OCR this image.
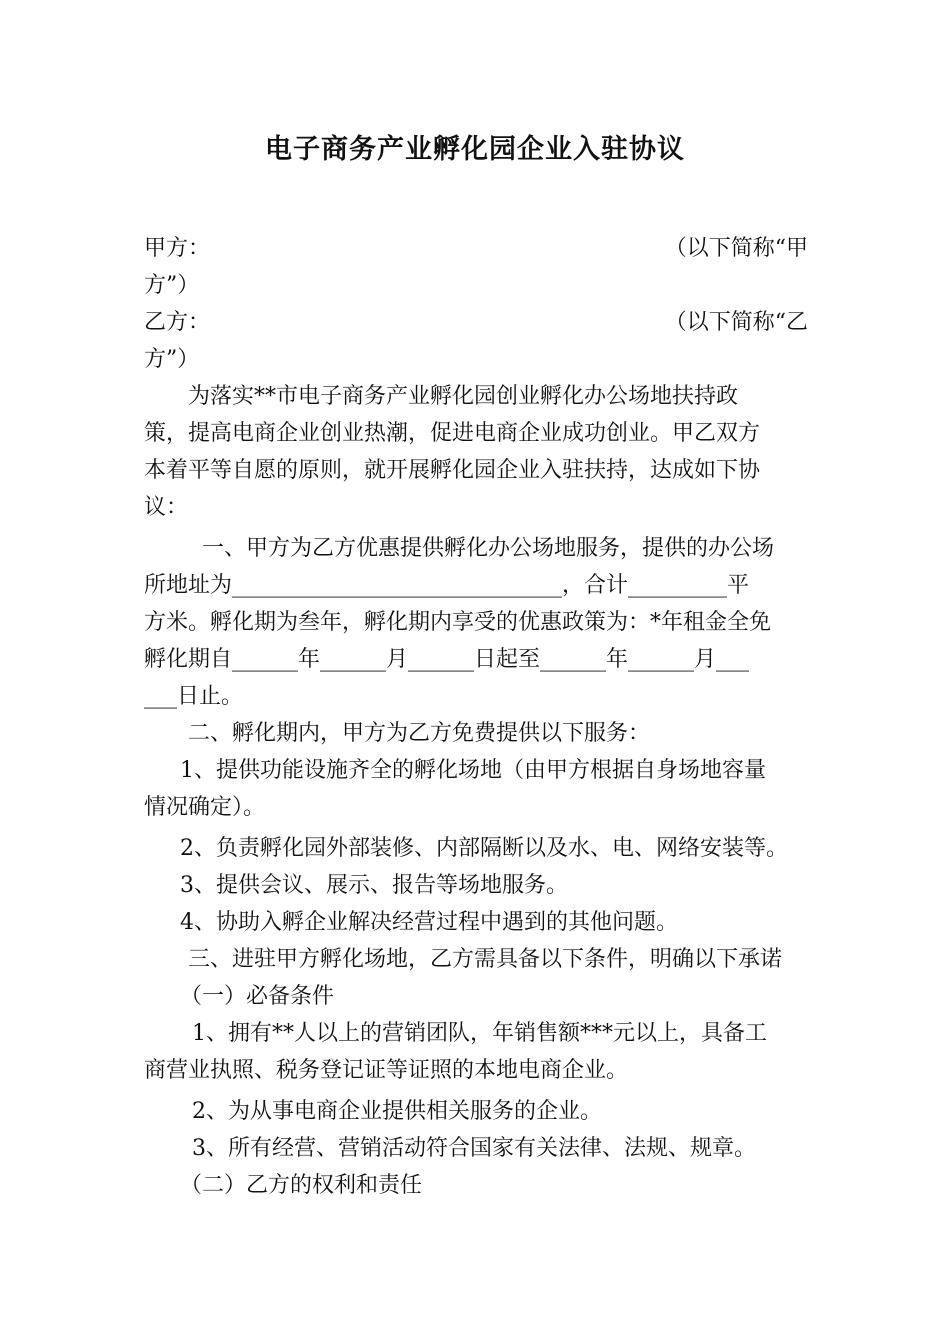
电子商务产业孵化园企业入驻协议
甲方：	（以下简称“甲
方”）
乙方：	（以下简称“乙
方”）
为落实**市电子商务产业孵化园创业孵化办公场地扶持政
策，提高电商企业创业热潮，促进电商企业成功创业。甲乙双方
本着平等自愿的原则，就开展孵化园企业入驻扶持，达成如下协
议：
一、甲方为乙方优惠提供孵化办公场地服务，提供的办公场
所地址为______________________________，合计_________平
方米。孵化期为叁年，孵化期内享受的优惠政策为：*年租金全免
孵化期自______年______月______日起至______年______月___
___日止。
二、孵化期内，甲方为乙方免费提供以下服务：
1、提供功能设施齐全的孵化场地（由甲方根据自身场地容量
情况确定）。
2、负责孵化园外部装修、内部隔断以及水、电、网络安装等。
3、提供会议、展示、报告等场地服务。
4、协助入孵企业解决经营过程中遇到的其他问题。
三、进驻甲方孵化场地，乙方需具备以下条件，明确以下承诺
（一）必备条件
1、拥有**人以上的营销团队，年销售额***元以上，具备工
商营业执照、税务登记证等证照的本地电商企业。
2、为从事电商企业提供相关服务的企业。
3、所有经营、营销活动符合国家有关法律、法规、规章。
（二）乙方的权利和责任
